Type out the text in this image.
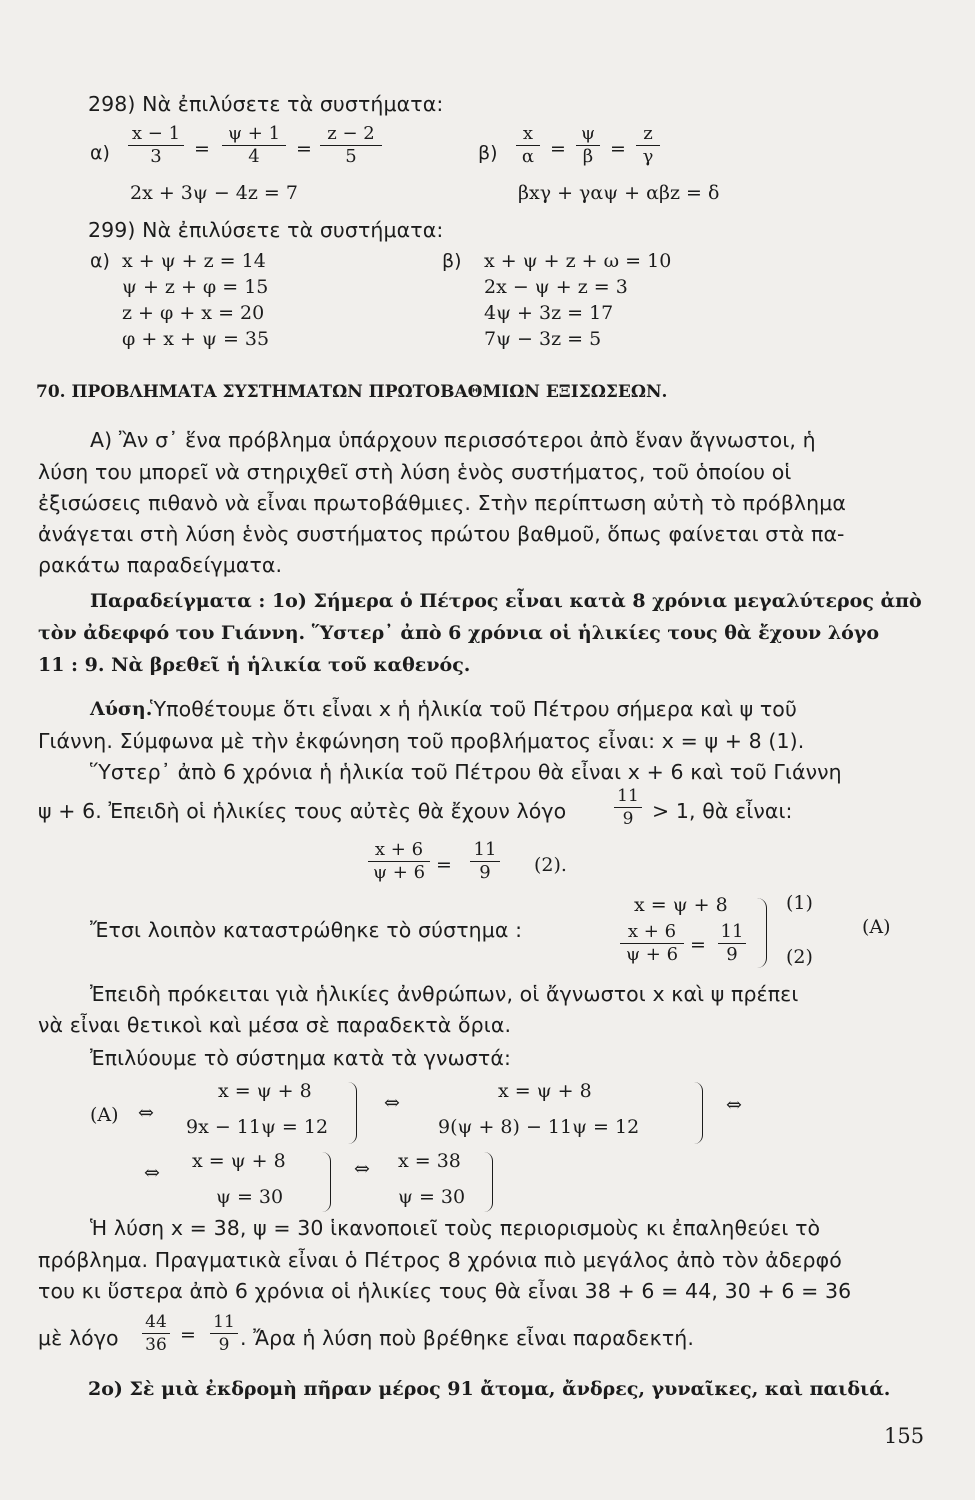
298) Νὰ ἐπιλύσετε τὰ συστήματα:
α)
x − 1
3 =
ψ + 1
4 =
z − 2
5
2x + 3ψ − 4z = 7
β)
x
α =
ψ
β =
z
γ
βxγ + γαψ + αβz = δ
299) Νὰ ἐπιλύσετε τὰ συστήματα:
α) x + ψ + z = 14
ψ + z + φ = 15
z + φ + x = 20
φ + x + ψ = 35
β) x + ψ + z + ω = 10
2x − ψ + z = 3
4ψ + 3z = 17
7ψ − 3z = 5
70. ΠΡΟΒΛΗΜΑΤΑ ΣΥΣΤΗΜΑΤΩΝ ΠΡΩΤΟΒΑΘΜΙΩΝ ΕΞΙΣΩΣΕΩΝ.
Α) Ἂν σ᾽ ἕνα πρόβλημα ὑπάρχουν περισσότεροι ἀπὸ ἕναν ἄγνωστοι, ἡ
λύση του μπορεῖ νὰ στηριχθεῖ στὴ λύση ἑνὸς συστήματος, τοῦ ὁποίου οἱ
ἐξισώσεις πιθανὸ νὰ εἶναι πρωτοβάθμιες. Στὴν περίπτωση αὐτὴ τὸ πρόβλημα
ἀνάγεται στὴ λύση ἑνὸς συστήματος πρώτου βαθμοῦ, ὅπως φαίνεται στὰ πα-
ρακάτω παραδείγματα.
Παραδείγματα : 1ο) Σήμερα ὁ Πέτρος εἶναι κατὰ 8 χρόνια μεγαλύτερος ἀπὸ
τὸν ἀδεφφό του Γιάννη. Ὕστερ᾽ ἀπὸ 6 χρόνια οἱ ἡλικίες τους θὰ ἔχουν λόγο
11 : 9. Νὰ βρεθεῖ ἡ ἡλικία τοῦ καθενός.
Λύση.
Ὑποθέτουμε ὅτι εἶναι x ἡ ἡλικία τοῦ Πέτρου σήμερα καὶ ψ τοῦ
Γιάννη. Σύμφωνα μὲ τὴν ἐκφώνηση τοῦ προβλήματος εἶναι: x = ψ + 8 (1).
Ὕστερ᾽ ἀπὸ 6 χρόνια ἡ ἡλικία τοῦ Πέτρου θὰ εἶναι x + 6 καὶ τοῦ Γιάννη
ψ + 6. Ἐπειδὴ οἱ ἡλικίες τους αὐτὲς θὰ ἔχουν λόγο
11
9 > 1, θὰ εἶναι:
x + 6
ψ + 6 =
11
9 (2).
Ἔτσι λοιπὸν καταστρώθηκε τὸ σύστημα :
x = ψ + 8
x + 6
ψ + 6 =
11
9
(1)
(2)
(Α)
Ἐπειδὴ πρόκειται γιὰ ἡλικίες ἀνθρώπων, οἱ ἄγνωστοι x καὶ ψ πρέπει
νὰ εἶναι θετικοὶ καὶ μέσα σὲ παραδεκτὰ ὅρια.
Ἐπιλύουμε τὸ σύστημα κατὰ τὰ γνωστά:
(Α) ⇔
x = ψ + 8
9x − 11ψ = 12
⇔
x = ψ + 8
9(ψ + 8) − 11ψ = 12
⇔
⇔
x = ψ + 8
ψ = 30
⇔ x = 38
ψ = 30
Ἡ λύση x = 38, ψ = 30 ἱκανοποιεῖ τοὺς περιορισμοὺς κι ἐπαληθεύει τὸ
πρόβλημα. Πραγματικὰ εἶναι ὁ Πέτρος 8 χρόνια πιὸ μεγάλος ἀπὸ τὸν ἀδερφό
του κι ὕστερα ἀπὸ 6 χρόνια οἱ ἡλικίες τους θὰ εἶναι 38 + 6 = 44, 30 + 6 = 36
μὲ λόγο
44
36 =
11
9 . Ἄρα ἡ λύση ποὺ βρέθηκε εἶναι παραδεκτή.
2ο) Σὲ μιὰ ἐκδρομὴ πῆραν μέρος 91 ἄτομα, ἄνδρες, γυναῖκες, καὶ παιδιά.
155
